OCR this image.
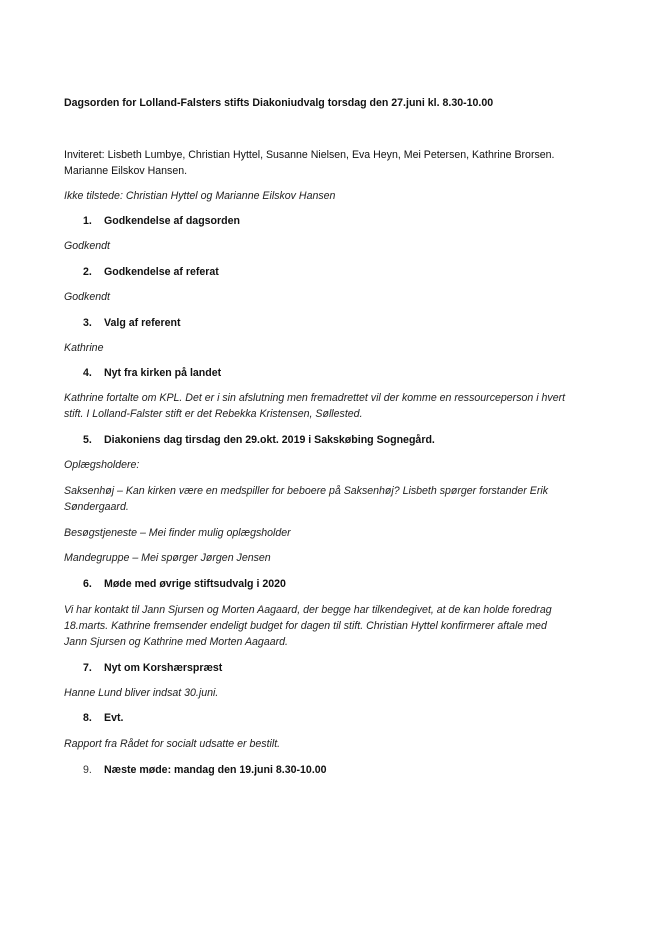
Dagsorden for Lolland-Falsters stifts Diakoniudvalg torsdag den 27.juni kl. 8.30-10.00
Inviteret: Lisbeth Lumbye, Christian Hyttel, Susanne Nielsen, Eva Heyn, Mei Petersen, Kathrine Brorsen.
Marianne Eilskov Hansen.
Ikke tilstede: Christian Hyttel og Marianne Eilskov Hansen
1. Godkendelse af dagsorden
Godkendt
2. Godkendelse af referat
Godkendt
3. Valg af referent
Kathrine
4. Nyt fra kirken på landet
Kathrine fortalte om KPL. Det er i sin afslutning men fremadrettet vil der komme en ressourceperson i hvert
stift. I Lolland-Falster stift er det Rebekka Kristensen, Søllested.
5. Diakoniens dag tirsdag den 29.okt. 2019 i Sakskøbing Sognegård.
Oplægsholdere:
Saksenhøj – Kan kirken være en medspiller for beboere på Saksenhøj? Lisbeth spørger forstander Erik
Søndergaard.
Besøgstjeneste – Mei finder mulig oplægsholder
Mandegruppe – Mei spørger Jørgen Jensen
6. Møde med øvrige stiftsudvalg i 2020
Vi har kontakt til Jann Sjursen og Morten Aagaard, der begge har tilkendegivet, at de kan holde foredrag
18.marts. Kathrine fremsender endeligt budget for dagen til stift. Christian Hyttel konfirmerer aftale med
Jann Sjursen og Kathrine med Morten Aagaard.
7. Nyt om Korshærspræst
Hanne Lund bliver indsat 30.juni.
8. Evt.
Rapport fra Rådet for socialt udsatte er bestilt.
9. Næste møde: mandag den 19.juni 8.30-10.00
